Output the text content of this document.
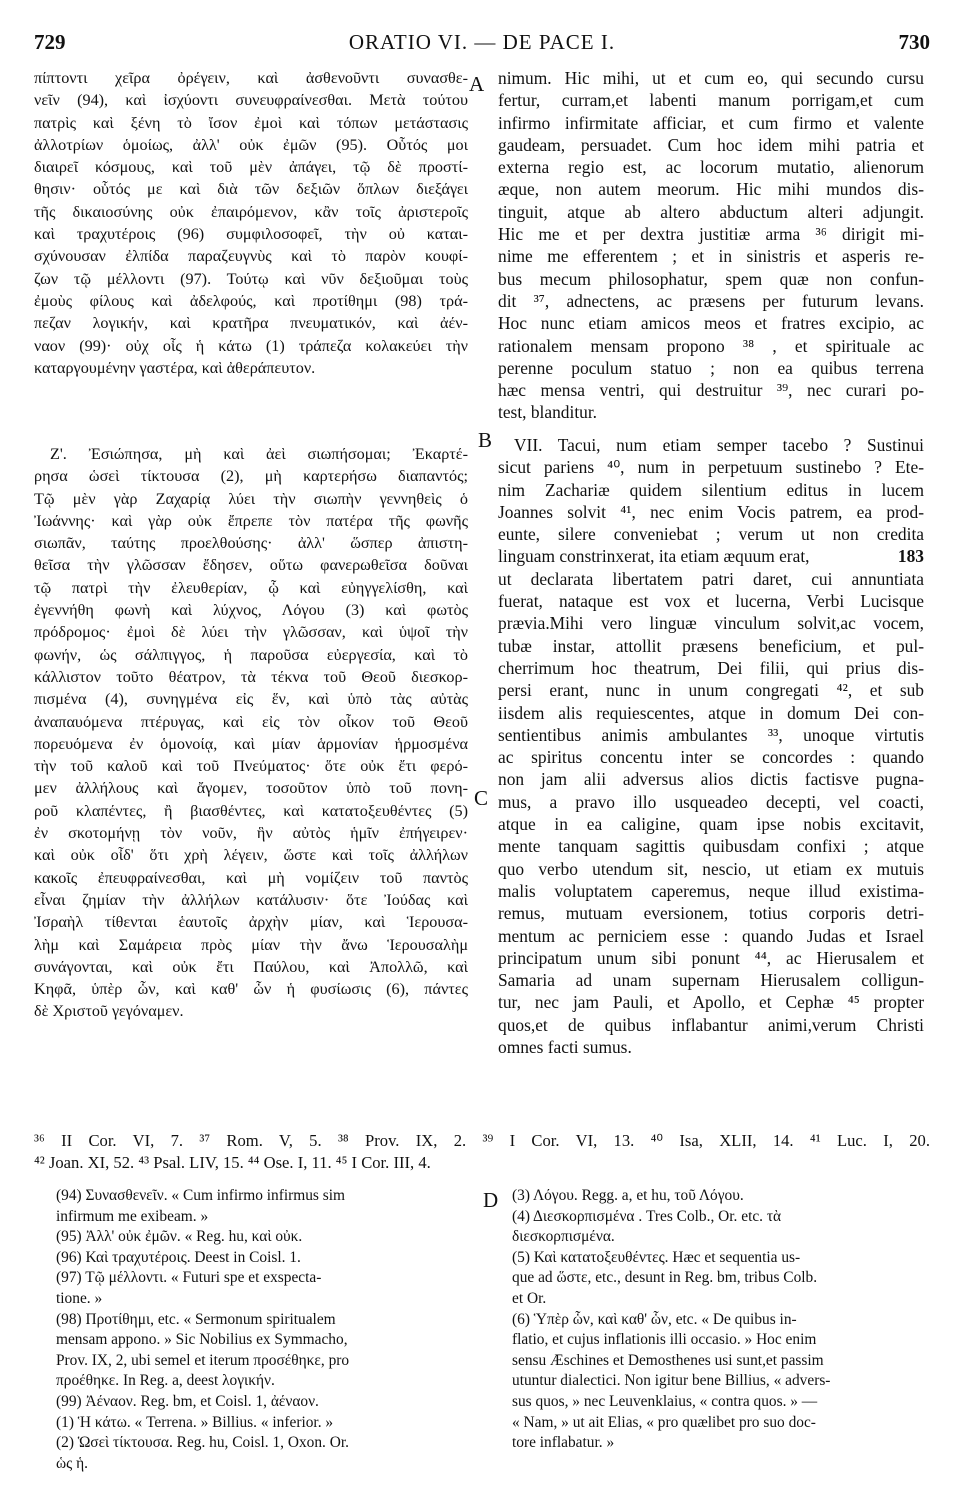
729	ORATIO VI. — DE PACE I.	730
A
B
C
D
πίπτοντι χεῖρα ὀρέγειν, καὶ ἀσθενοῦντι συνασθε-
νεῖν (94), καὶ ἰσχύοντι συνευφραίνεσθαι. Μετὰ τούτου
πατρὶς καὶ ξένη τὸ ἴσον ἐμοὶ καὶ τόπων μετάστασις
ἀλλοτρίων ὁμοίως, ἀλλ' οὐκ ἐμῶν (95). Οὗτός μοι
διαιρεῖ κόσμους, καὶ τοῦ μὲν ἀπάγει, τῷ δὲ προστί-
θησιν· οὗτός με καὶ διὰ τῶν δεξιῶν ὅπλων διεξάγει
τῆς δικαιοσύνης οὐκ ἐπαιρόμενον, κἂν τοῖς ἀριστεροῖς
καὶ τραχυτέροις (96) συμφιλοσοφεῖ, τὴν οὐ καται-
σχύνουσαν ἐλπίδα παραζευγνὺς καὶ τὸ παρὸν κουφί-
ζων τῷ μέλλοντι (97). Τούτῳ καὶ νῦν δεξιοῦμαι τοὺς
ἐμοὺς φίλους καὶ ἀδελφούς, καὶ προτίθημι (98) τρά-
πεζαν λογικήν, καὶ κρατῆρα πνευματικόν, καὶ ἀέν-
ναον (99)· οὐχ οἷς ἡ κάτω (1) τράπεζα κολακεύει τὴν
καταργουμένην γαστέρα, καὶ ἀθεράπευτον.
Ζ'. Ἐσιώπησα, μὴ καὶ ἀεὶ σιωπήσομαι; Ἐκαρτέ-
ρησα ὡσεὶ τίκτουσα (2), μὴ καρτερήσω διαπαντός;
Τῷ μὲν γὰρ Ζαχαρίᾳ λύει τὴν σιωπὴν γεννηθεὶς ὁ
Ἰωάννης· καὶ γὰρ οὐκ ἔπρεπε τὸν πατέρα τῆς φωνῆς
σιωπᾶν, ταύτης προελθούσης· ἀλλ' ὥσπερ ἀπιστη-
θεῖσα τὴν γλῶσσαν ἔδησεν, οὕτω φανερωθεῖσα δοῦναι
τῷ πατρὶ τὴν ἐλευθερίαν, ᾧ καὶ εὐηγγελίσθη, καὶ
ἐγεννήθη φωνὴ καὶ λύχνος, Λόγου (3) καὶ φωτὸς
πρόδρομος· ἐμοὶ δὲ λύει τὴν γλῶσσαν, καὶ ὑψοῖ τὴν
φωνήν, ὡς σάλπιγγος, ἡ παροῦσα εὐεργεσία, καὶ τὸ
κάλλιστον τοῦτο θέατρον, τὰ τέκνα τοῦ Θεοῦ διεσκορ-
πισμένα (4), συνηγμένα εἰς ἕν, καὶ ὑπὸ τὰς αὐτὰς
ἀναπαυόμενα πτέρυγας, καὶ εἰς τὸν οἶκον τοῦ Θεοῦ
πορευόμενα ἐν ὁμονοίᾳ, καὶ μίαν ἁρμονίαν ἡρμοσμένα
τὴν τοῦ καλοῦ καὶ τοῦ Πνεύματος· ὅτε οὐκ ἔτι φερό-
μεν ἀλλήλους καὶ ἄγομεν, τοσοῦτον ὑπὸ τοῦ πονη-
ροῦ κλαπέντες, ἢ βιασθέντες, καὶ κατατοξευθέντες (5)
ἐν σκοτομήνῃ τὸν νοῦν, ἣν αὐτὸς ἡμῖν ἐπήγειρεν·
καὶ οὐκ οἶδ' ὅτι χρὴ λέγειν, ὥστε καὶ τοῖς ἀλλήλων
κακοῖς ἐπευφραίνεσθαι, καὶ μὴ νομίζειν τοῦ παντὸς
εἶναι ζημίαν τὴν ἀλλήλων κατάλυσιν· ὅτε Ἰούδας καὶ
Ἰσραὴλ τίθενται ἑαυτοῖς ἀρχὴν μίαν, καὶ Ἱερουσα-
λὴμ καὶ Σαμάρεια πρὸς μίαν τὴν ἄνω Ἱερουσαλὴμ
συνάγονται, καὶ οὐκ ἔτι Παύλου, καὶ Ἀπολλῶ, καὶ
Κηφᾶ, ὑπὲρ ὧν, καὶ καθ' ὧν ἡ φυσίωσις (6), πάντες
δὲ Χριστοῦ γεγόναμεν.
nimum. Hic mihi, ut et cum eo, qui secundo cursu
fertur, curram,et labenti manum porrigam,et cum
infirmo infirmitate afficiar, et cum firmo et valente
gaudeam, persuadet. Cum hoc idem mihi patria et
externa regio est, ac locorum mutatio, alienorum
æque, non autem meorum. Hic mihi mundos dis-
tinguit, atque ab altero abductum alteri adjungit.
Hic me et per dextra justitiæ arma ³⁶ dirigit mi-
nime me efferentem ; et in sinistris et asperis re-
bus mecum philosophatur, spem quæ non confun-
dit ³⁷, adnectens, ac præsens per futurum levans.
Hoc nunc etiam amicos meos et fratres excipio, ac
rationalem mensam propono ³⁸ , et spirituale ac
perenne poculum statuo ; non ea quibus terrena
hæc mensa ventri, qui destruitur ³⁹, nec curari po-
test, blanditur.
VII. Tacui, num etiam semper tacebo ? Sustinui
sicut pariens ⁴⁰, num in perpetuum sustinebo ? Ete-
nim Zachariæ quidem silentium editus in lucem
Joannes solvit ⁴¹, nec enim Vocis patrem, ea prod-
eunte, silere conveniebat ; verum ut non credita
linguam constrinxerat, ita etiam æquum erat,	183
ut declarata libertatem patri daret, cui annuntiata
fuerat, nataque est vox et lucerna, Verbi Lucisque
prævia.Mihi vero linguæ vinculum solvit,ac vocem,
tubæ instar, attollit præsens beneficium, et pul-
cherrimum hoc theatrum, Dei filii, qui prius dis-
persi erant, nunc in unum congregati ⁴², et sub
iisdem alis requiescentes, atque in domum Dei con-
sentientibus animis ambulantes ³³, unoque virtutis
ac spiritus concentu inter se concordes : quando
non jam alii adversus alios dictis factisve pugna-
mus, a pravo illo usqueadeo decepti, vel coacti,
atque in ea caligine, quam ipse nobis excitavit,
mente tanquam sagittis quibusdam confixi ; atque
quo verbo utendum sit, nescio, ut etiam ex mutuis
malis voluptatem caperemus, neque illud existima-
remus, mutuam eversionem, totius corporis detri-
mentum ac perniciem esse : quando Judas et Israel
principatum unum sibi ponunt ⁴⁴, ac Hierusalem et
Samaria ad unam supernam Hierusalem colligun-
tur, nec jam Pauli, et Apollo, et Cephæ ⁴⁵ propter
quos,et de quibus inflabantur animi,verum Christi
omnes facti sumus.
³⁶ II Cor. VI, 7. ³⁷ Rom. V, 5. ³⁸ Prov. IX, 2. ³⁹ I Cor. VI, 13. ⁴⁰ Isa, XLII, 14. ⁴¹ Luc. I, 20.
⁴² Joan. XI, 52. ⁴³ Psal. LIV, 15. ⁴⁴ Ose. I, 11. ⁴⁵ I Cor. III, 4.
(94) Συνασθενεῖν. « Cum infirmo infirmus sim
infirmum me exibeam. »
(95) Ἀλλ' οὐκ ἐμῶν. « Reg. hu, καὶ οὐκ.
(96) Καὶ τραχυτέροις. Deest in Coisl. 1.
(97) Τῷ μέλλοντι. « Futuri spe et exspecta-
tione. »
(98) Προτίθημι, etc. « Sermonum spiritualem
mensam appono. » Sic Nobilius ex Symmacho,
Prov. IX, 2, ubi semel et iterum προσέθηκε, pro
προέθηκε. In Reg. a, deest λογικήν.
(99) Ἀέναον. Reg. bm, et Coisl. 1, ἀέναον.
(1) Ἡ κάτω. « Terrena. » Billius. « inferior. »
(2) Ὡσεὶ τίκτουσα. Reg. hu, Coisl. 1, Oxon. Or.
ὡς ἡ.
(3) Λόγου. Regg. a, et hu, τοῦ Λόγου.
(4) Διεσκορπισμένα . Tres Colb., Or. etc. τὰ
διεσκορπισμένα.
(5) Καὶ κατατοξευθέντες. Hæc et sequentia us-
que ad ὥστε, etc., desunt in Reg. bm, tribus Colb.
et Or.
(6) Ὑπὲρ ὧν, καὶ καθ' ὧν, etc. « De quibus in-
flatio, et cujus inflationis illi occasio. » Hoc enim
sensu Æschines et Demosthenes usi sunt,et passim
utuntur dialectici. Non igitur bene Billius, « advers-
sus quos, » nec Leuvenklaius, « contra quos. » —
« Nam, » ut ait Elias, « pro quælibet pro suo doc-
tore inflabatur. »
